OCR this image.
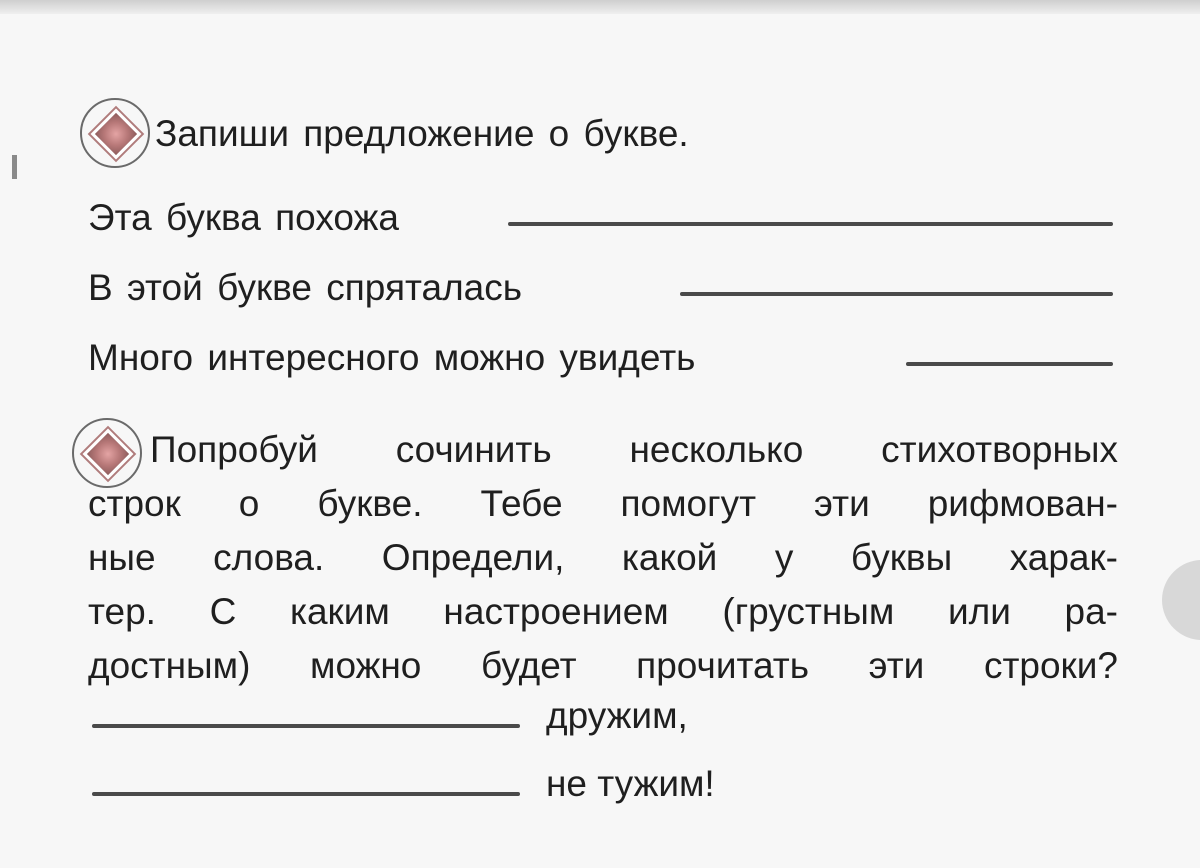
Запиши предложение о букве.
Эта буква похожа
В этой букве спряталась
Много интересного можно увидеть
Попробуй сочинить несколько стихотворных
строк о букве. Тебе помогут эти рифмован-
ные слова. Определи, какой у буквы харак-
тер. С каким настроением (грустным или ра-
достным) можно будет прочитать эти строки?
дружим,
не тужим!
